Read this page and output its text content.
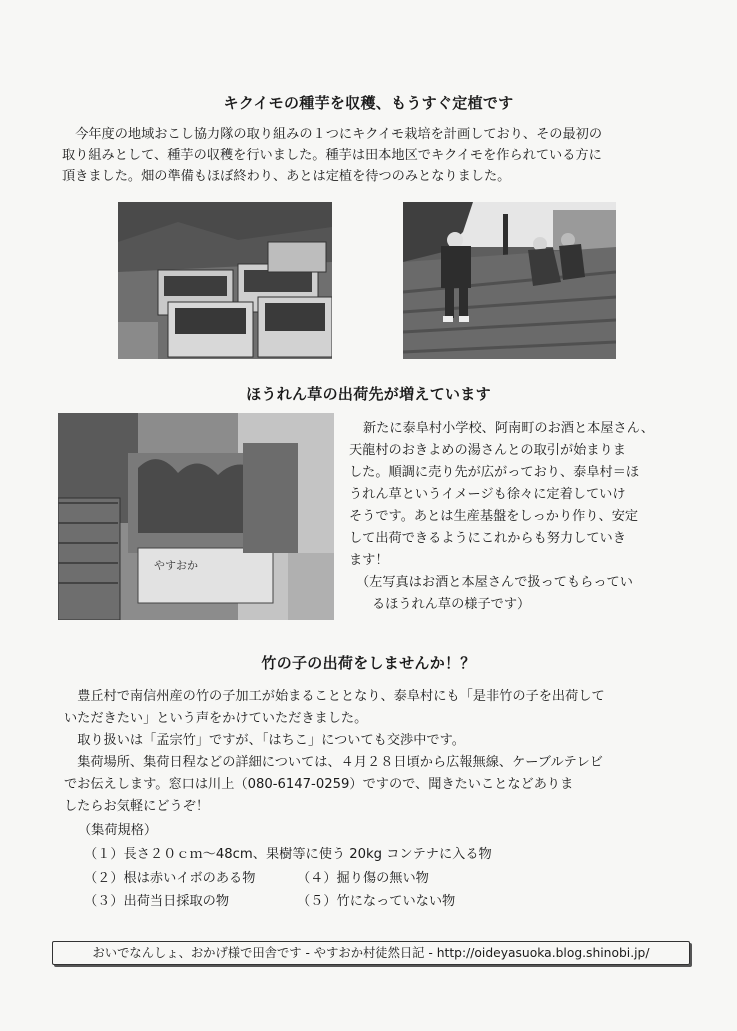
キクイモの種芋を収穫、もうすぐ定植です
今年度の地域おこし協力隊の取り組みの１つにキクイモ栽培を計画しており、その最初の
取り組みとして、種芋の収穫を行いました。種芋は田本地区でキクイモを作られている方に
頂きました。畑の準備もほぼ終わり、あとは定植を待つのみとなりました。
ほうれん草の出荷先が増えています
やすおか　　
新たに泰阜村小学校、阿南町のお酒と本屋さん、
天龍村のおきよめの湯さんとの取引が始まりま
した。順調に売り先が広がっており、泰阜村＝ほ
うれん草というイメージも徐々に定着していけ
そうです。あとは生産基盤をしっかり作り、安定
して出荷できるようにこれからも努力していき
ます！
（左写真はお酒と本屋さんで扱ってもらってい
るほうれん草の様子です）
竹の子の出荷をしませんか！？
豊丘村で南信州産の竹の子加工が始まることとなり、泰阜村にも「是非竹の子を出荷して
いただきたい」という声をかけていただきました。
取り扱いは「孟宗竹」ですが、「はちこ」についても交渉中です。
集荷場所、集荷日程などの詳細については、４月２８日頃から広報無線、ケーブルテレビ
でお伝えします。窓口は川上（080-6147-0259）ですので、聞きたいことなどありま
したらお気軽にどうぞ！
（集荷規格）
（１）長さ２０ｃｍ～48cm、果樹等に使う 20kg コンテナに入る物
（２）根は赤いイボのある物	（４）掘り傷の無い物
（３）出荷当日採取の物	（５）竹になっていない物
おいでなんしょ、おかげ様で田舎です - やすおか村徒然日記 - http://oideyasuoka.blog.shinobi.jp/
